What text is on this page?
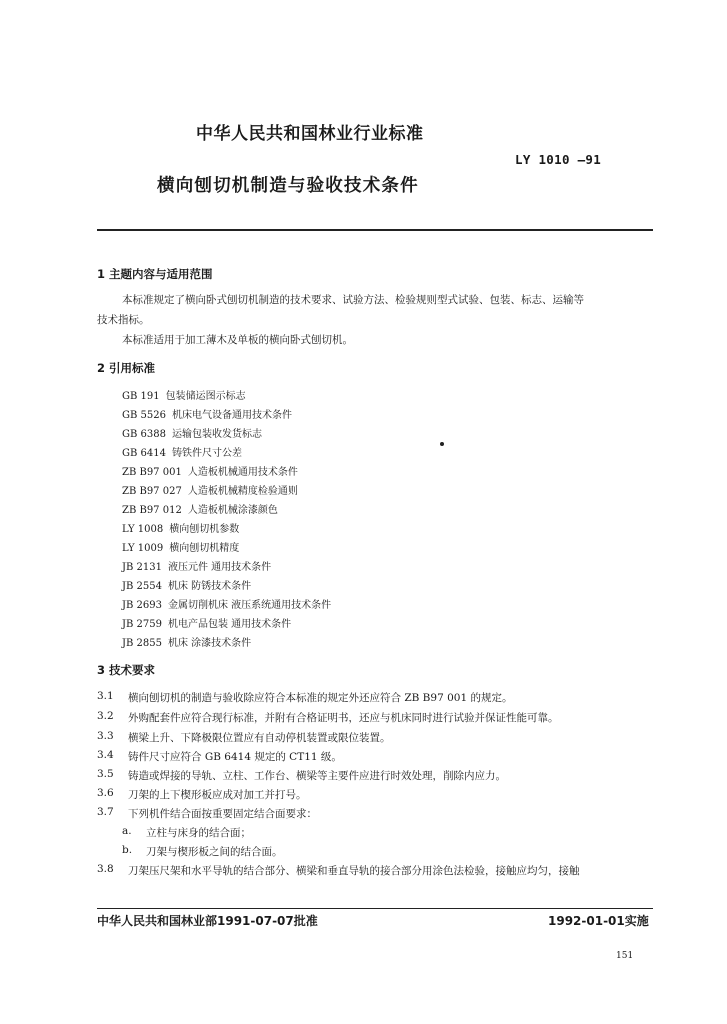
中华人民共和国林业行业标准
LY 1010 —91
横向刨切机制造与验收技术条件
1 主题内容与适用范围
本标准规定了横向卧式刨切机制造的技术要求、试验方法、检验规则型式试验、包装、标志、运输等
技术指标。
本标准适用于加工薄木及单板的横向卧式刨切机。
2 引用标准
GB 191 包装储运图示标志
GB 5526 机床电气设备通用技术条件
GB 6388 运输包装收发货标志
GB 6414 铸铁件尺寸公差
ZB B97 001 人造板机械通用技术条件
ZB B97 027 人造板机械精度检验通则
ZB B97 012 人造板机械涂漆颜色
LY 1008 横向刨切机参数
LY 1009 横向刨切机精度
JB 2131 液压元件 通用技术条件
JB 2554 机床 防锈技术条件
JB 2693 金属切削机床 液压系统通用技术条件
JB 2759 机电产品包装 通用技术条件
JB 2855 机床 涂漆技术条件
3 技术要求
3.1 横向刨切机的制造与验收除应符合本标准的规定外还应符合 ZB B97 001 的规定。
3.2 外购配套件应符合现行标准，并附有合格证明书，还应与机床同时进行试验并保证性能可靠。
3.3 横梁上升、下降极限位置应有自动停机装置或限位装置。
3.4 铸件尺寸应符合 GB 6414 规定的 CT11 级。
3.5 铸造或焊接的导轨、立柱、工作台、横梁等主要件应进行时效处理，削除内应力。
3.6 刀架的上下楔形板应成对加工并打号。
3.7 下列机件结合面按重要固定结合面要求：
a. 立柱与床身的结合面；
b. 刀架与楔形板之间的结合面。
3.8 刀架压尺架和水平导轨的结合部分、横梁和垂直导轨的接合部分用涂色法检验，接触应均匀，接触
中华人民共和国林业部1991-07-07批准	1992-01-01实施
151
